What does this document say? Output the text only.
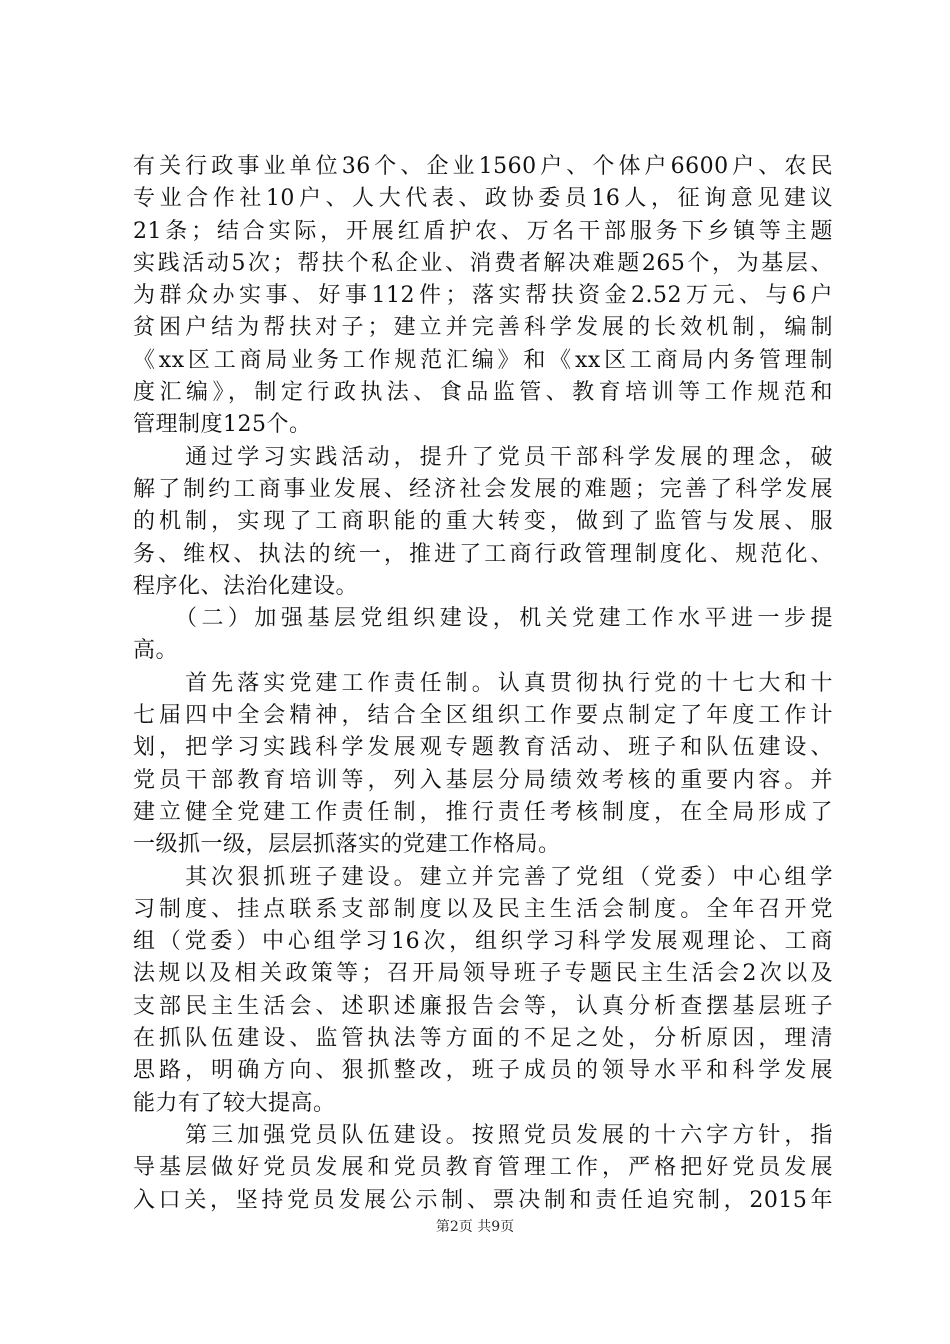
有关行政事业单位36个、企业1560户、个体户6600户、农民
专业合作社10户、人大代表、政协委员16人，征询意见建议
21条；结合实际，开展红盾护农、万名干部服务下乡镇等主题
实践活动5次；帮扶个私企业、消费者解决难题265个，为基层、
为群众办实事、好事112件；落实帮扶资金2.52万元、与6户
贫困户结为帮扶对子；建立并完善科学发展的长效机制，编制
《xx区工商局业务工作规范汇编》和《xx区工商局内务管理制
度汇编》，制定行政执法、食品监管、教育培训等工作规范和
管理制度125个。
　　通过学习实践活动，提升了党员干部科学发展的理念，破
解了制约工商事业发展、经济社会发展的难题；完善了科学发展
的机制，实现了工商职能的重大转变，做到了监管与发展、服
务、维权、执法的统一，推进了工商行政管理制度化、规范化、
程序化、法治化建设。
　　（二）加强基层党组织建设，机关党建工作水平进一步提
高。
　　首先落实党建工作责任制。认真贯彻执行党的十七大和十
七届四中全会精神，结合全区组织工作要点制定了年度工作计
划，把学习实践科学发展观专题教育活动、班子和队伍建设、
党员干部教育培训等，列入基层分局绩效考核的重要内容。并
建立健全党建工作责任制，推行责任考核制度，在全局形成了
一级抓一级，层层抓落实的党建工作格局。
　　其次狠抓班子建设。建立并完善了党组（党委）中心组学
习制度、挂点联系支部制度以及民主生活会制度。全年召开党
组（党委）中心组学习16次，组织学习科学发展观理论、工商
法规以及相关政策等；召开局领导班子专题民主生活会2次以及
支部民主生活会、述职述廉报告会等，认真分析查摆基层班子
在抓队伍建设、监管执法等方面的不足之处，分析原因，理清
思路，明确方向、狠抓整改，班子成员的领导水平和科学发展
能力有了较大提高。
　　第三加强党员队伍建设。按照党员发展的十六字方针，指
导基层做好党员发展和党员教育管理工作，严格把好党员发展
入口关，坚持党员发展公示制、票决制和责任追究制，2015年
第2页 共9页
